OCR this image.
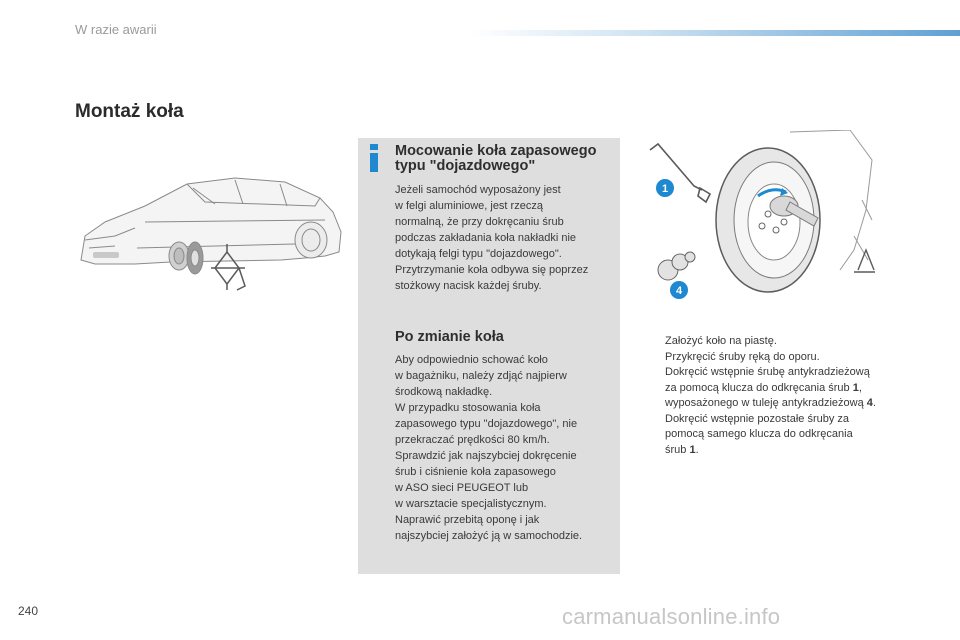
W razie awarii
Montaż koła
Mocowanie koła zapasowego typu "dojazdowego"
Jeżeli samochód wyposażony jest
w felgi aluminiowe, jest rzeczą
normalną, że przy dokręcaniu śrub
podczas zakładania koła nakładki nie
dotykają felgi typu "dojazdowego".
Przytrzymanie koła odbywa się poprzez
stożkowy nacisk każdej śruby.
Po zmianie koła
Aby odpowiednio schować koło
w bagażniku, należy zdjąć najpierw
środkową nakładkę.
W przypadku stosowania koła
zapasowego typu "dojazdowego", nie
przekraczać prędkości 80 km/h.
Sprawdzić jak najszybciej dokręcenie
śrub i ciśnienie koła zapasowego
w ASO sieci PEUGEOT lub
w warsztacie specjalistycznym.
Naprawić przebitą oponę i jak
najszybciej założyć ją w samochodzie.
1
4
Założyć koło na piastę.
Przykręcić śruby ręką do oporu.
Dokręcić wstępnie śrubę antykradzieżową
za pomocą klucza do odkręcania śrub 1,
wyposażonego w tuleję antykradzieżową 4.
Dokręcić wstępnie pozostałe śruby za
pomocą samego klucza do odkręcania
śrub 1.
240	carmanualsonline.info
